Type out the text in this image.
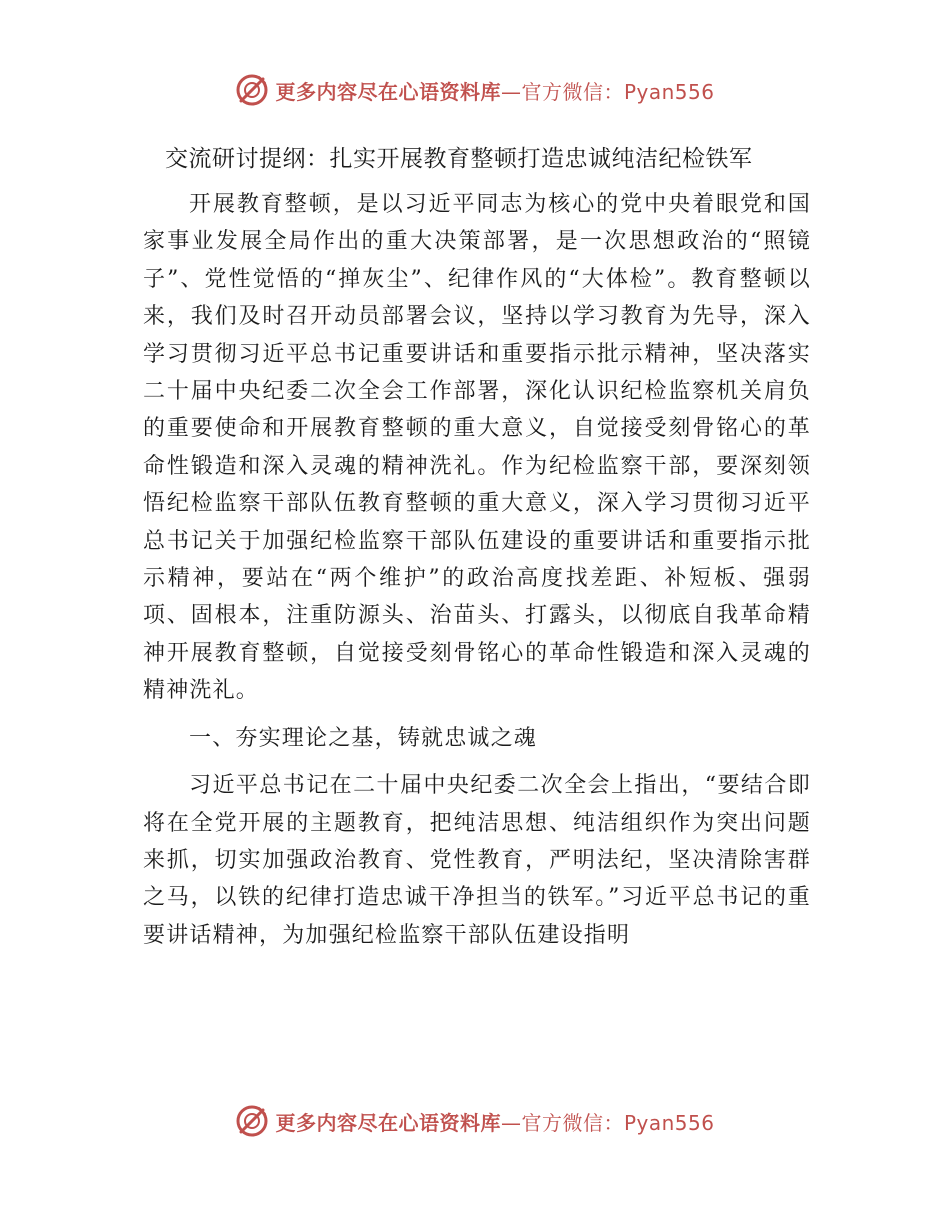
更多内容尽在心语资料库—官方微信：Pyan556
交流研讨提纲：扎实开展教育整顿打造忠诚纯洁纪检铁军

开展教育整顿，是以习近平同志为核心的党中央着眼党和国家事业发展全局作出的重大决策部署，是一次思想政治的“照镜子”、党性觉悟的“掸灰尘”、纪律作风的“大体检”。教育整顿以来，我们及时召开动员部署会议，坚持以学习教育为先导，深入学习贯彻习近平总书记重要讲话和重要指示批示精神，坚决落实二十届中央纪委二次全会工作部署，深化认识纪检监察机关肩负的重要使命和开展教育整顿的重大意义，自觉接受刻骨铭心的革命性锻造和深入灵魂的精神洗礼。作为纪检监察干部，要深刻领悟纪检监察干部队伍教育整顿的重大意义，深入学习贯彻习近平总书记关于加强纪检监察干部队伍建设的重要讲话和重要指示批示精神，要站在“两个维护”的政治高度找差距、补短板、强弱项、固根本，注重防源头、治苗头、打露头，以彻底自我革命精神开展教育整顿，自觉接受刻骨铭心的革命性锻造和深入灵魂的精神洗礼。

一、夯实理论之基，铸就忠诚之魂

习近平总书记在二十届中央纪委二次全会上指出，“要结合即将在全党开展的主题教育，把纯洁思想、纯洁组织作为突出问题来抓，切实加强政治教育、党性教育，严明法纪，坚决清除害群之马，以铁的纪律打造忠诚干净担当的铁军。”习近平总书记的重要讲话精神，为加强纪检监察干部队伍建设指明

更多内容尽在心语资料库—官方微信：Pyan556
